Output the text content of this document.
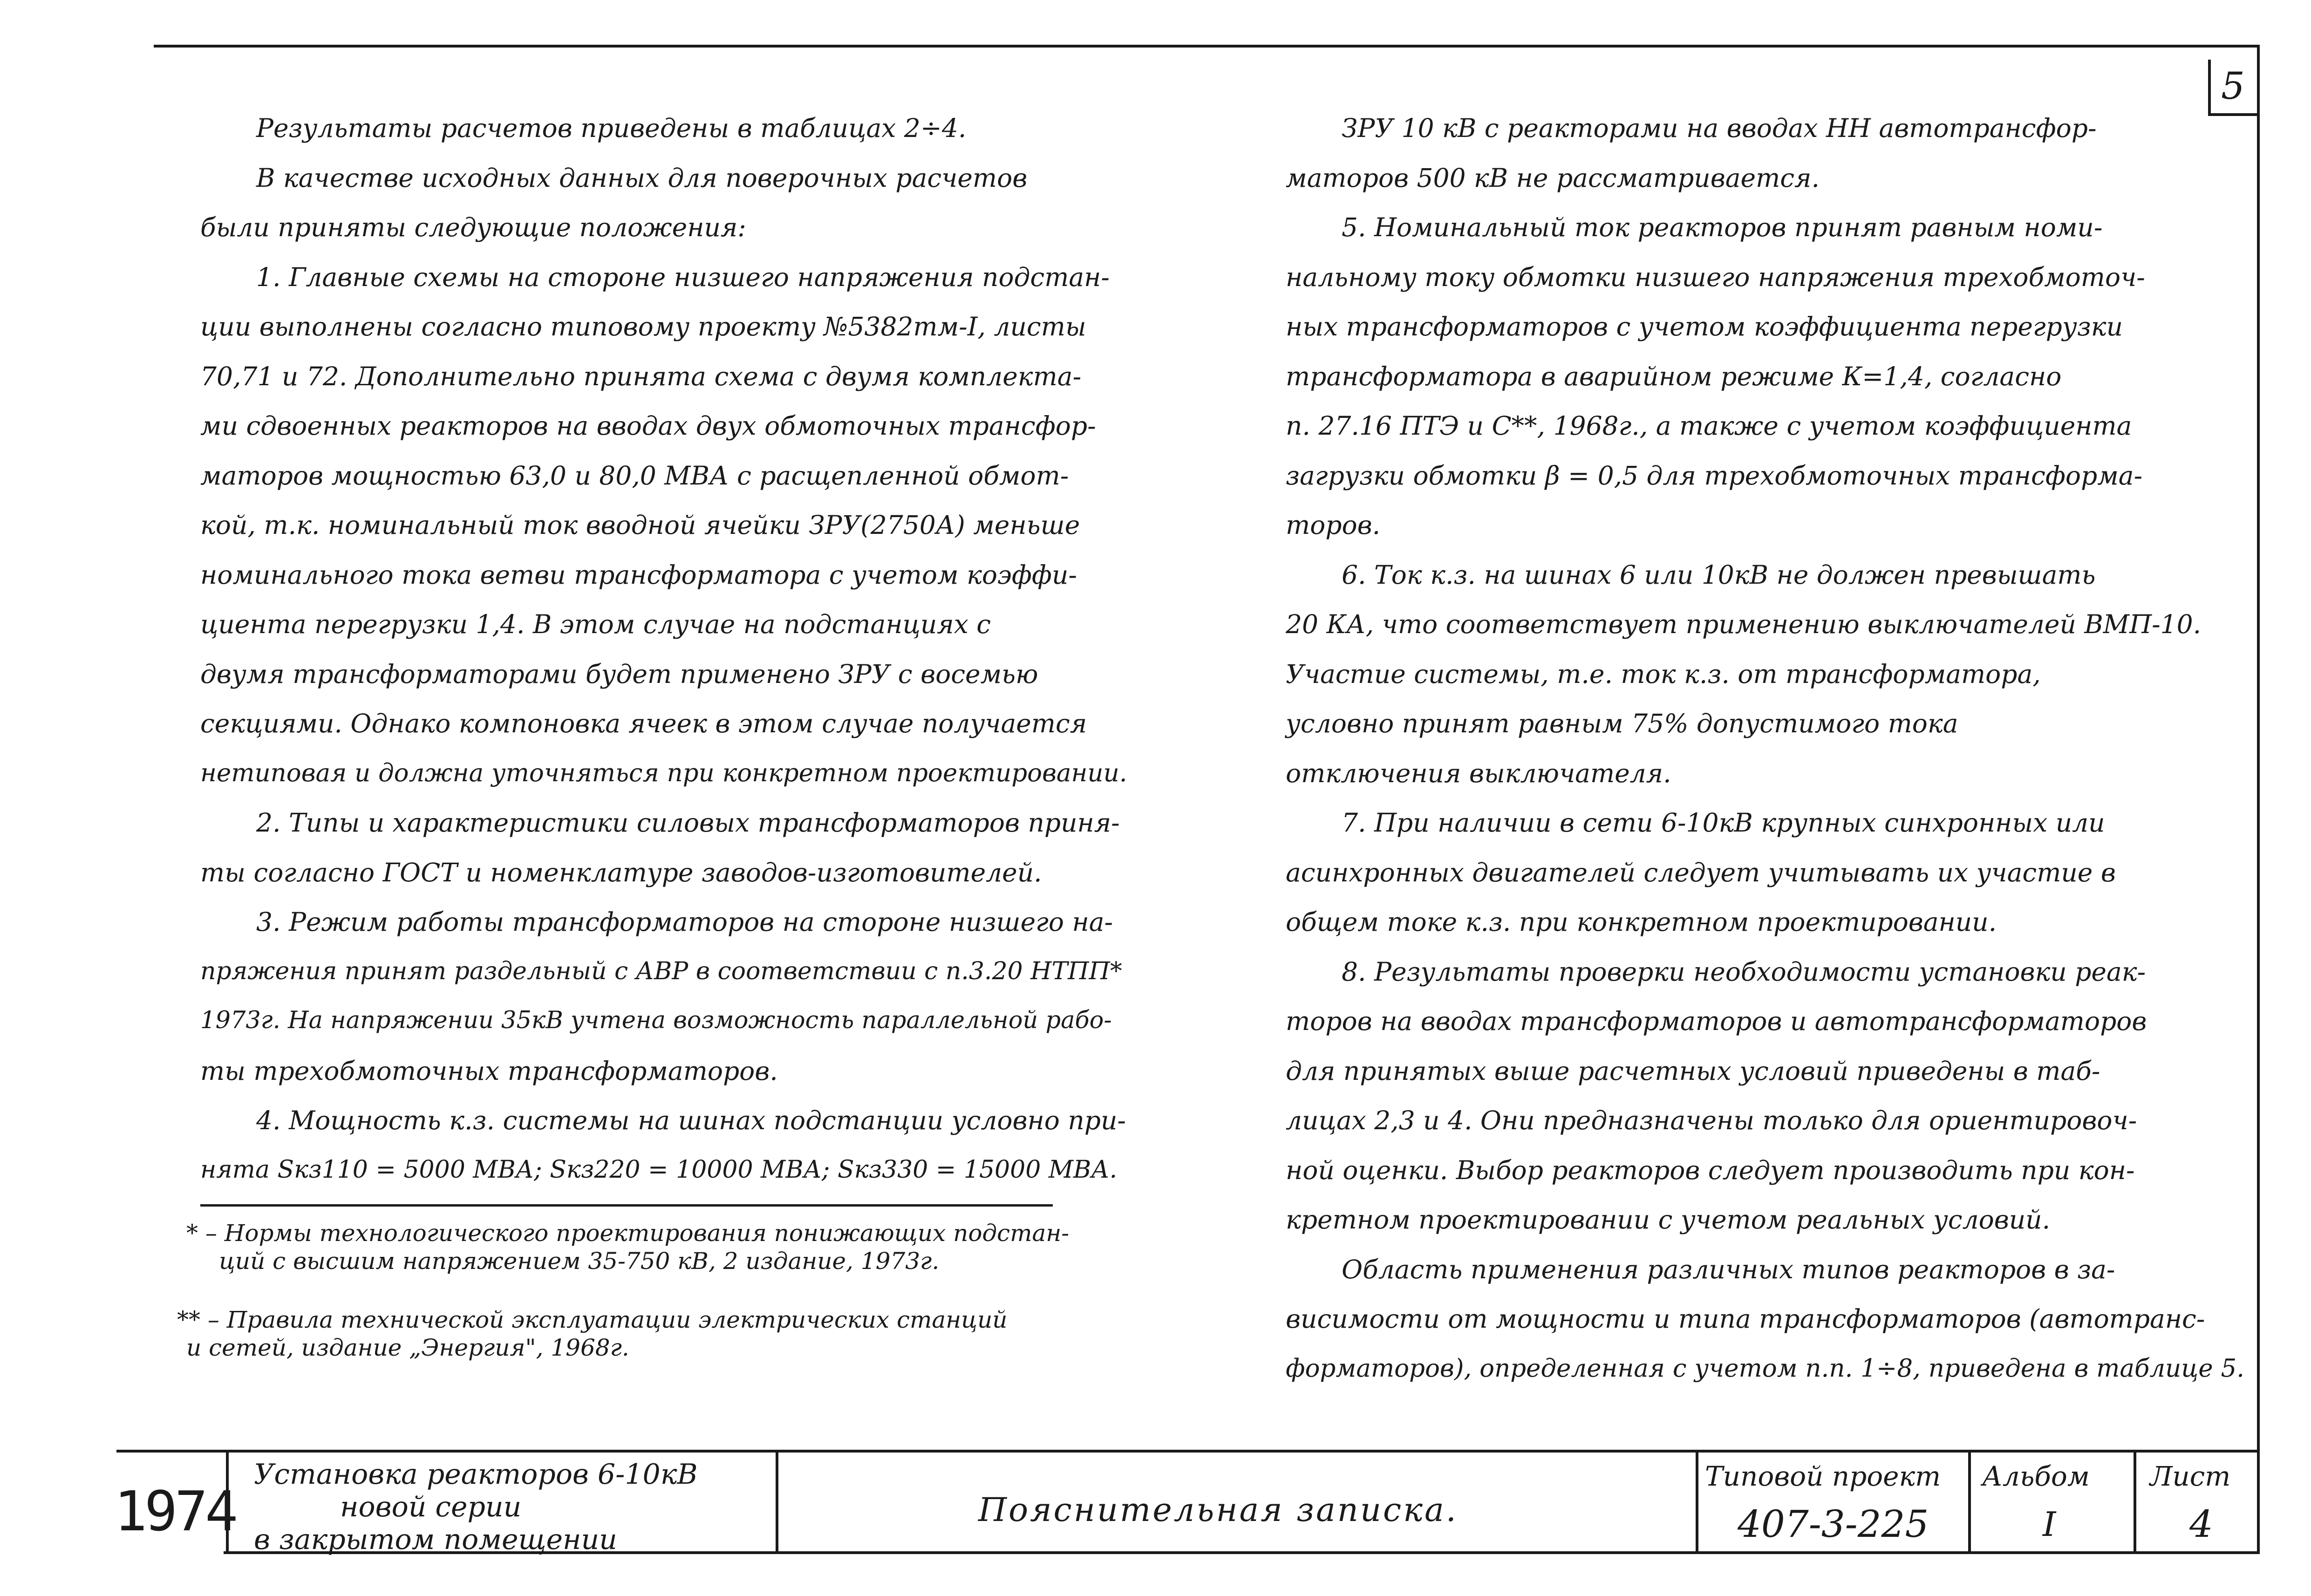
5
Результаты расчетов приведены в таблицах 2÷4.
В качестве исходных данных для поверочных расчетов
были приняты следующие положения:
1. Главные схемы на стороне низшего напряжения подстан-
ции выполнены согласно типовому проекту №5382тм-I, листы
70,71 и 72. Дополнительно принята схема с двумя комплекта-
ми сдвоенных реакторов на вводах двух обмоточных трансфор-
маторов мощностью 63,0 и 80,0 МВА с расщепленной обмот-
кой, т.к. номинальный ток вводной ячейки ЗРУ(2750А) меньше
номинального тока ветви трансформатора с учетом коэффи-
циента перегрузки 1,4. В этом случае на подстанциях с
двумя трансформаторами будет применено ЗРУ с восемью
секциями. Однако компоновка ячеек в этом случае получается
нетиповая и должна уточняться при конкретном проектировании.
2. Типы и характеристики силовых трансформаторов приня-
ты согласно ГОСТ и номенклатуре заводов-изготовителей.
3. Режим работы трансформаторов на стороне низшего на-
пряжения принят раздельный с АВР в соответствии с п.3.20 НТПП*
1973г. На напряжении 35кВ учтена возможность параллельной рабо-
ты трехобмоточных трансформаторов.
4. Мощность к.з. системы на шинах подстанции условно при-
нята Sкз110 = 5000 МВА; Sкз220 = 10000 МВА; Sкз330 = 15000 МВА.
ЗРУ 10 кВ с реакторами на вводах НН автотрансфор-
маторов 500 кВ не рассматривается.
5. Номинальный ток реакторов принят равным номи-
нальному току обмотки низшего напряжения трехобмоточ-
ных трансформаторов с учетом коэффициента перегрузки
трансформатора в аварийном режиме К=1,4, согласно
п. 27.16 ПТЭ и С**, 1968г., а также с учетом коэффициента
загрузки обмотки β = 0,5 для трехобмоточных трансформа-
торов.
6. Ток к.з. на шинах 6 или 10кВ не должен превышать
20 КА, что соответствует применению выключателей ВМП-10.
Участие системы, т.е. ток к.з. от трансформатора,
условно принят равным 75% допустимого тока
отключения выключателя.
7. При наличии в сети 6-10кВ крупных синхронных или
асинхронных двигателей следует учитывать их участие в
общем токе к.з. при конкретном проектировании.
8. Результаты проверки необходимости установки реак-
торов на вводах трансформаторов и автотрансформаторов
для принятых выше расчетных условий приведены в таб-
лицах 2,3 и 4. Они предназначены только для ориентировоч-
ной оценки. Выбор реакторов следует производить при кон-
кретном проектировании с учетом реальных условий.
Область применения различных типов реакторов в за-
висимости от мощности и типа трансформаторов (автотранс-
форматоров), определенная с учетом п.п. 1÷8, приведена в таблице 5.
* – Нормы технологического проектирования понижающих подстан-
ций с высшим напряжением 35-750 кВ, 2 издание, 1973г.
** – Правила технической эксплуатации электрических станций
и сетей, издание „Энергия", 1968г.
1974
Установка реакторов 6-10кВ
новой серии
в закрытом помещении
Пояснительная записка.
Типовой проект
407-3-225
Альбом
I
Лист
4
